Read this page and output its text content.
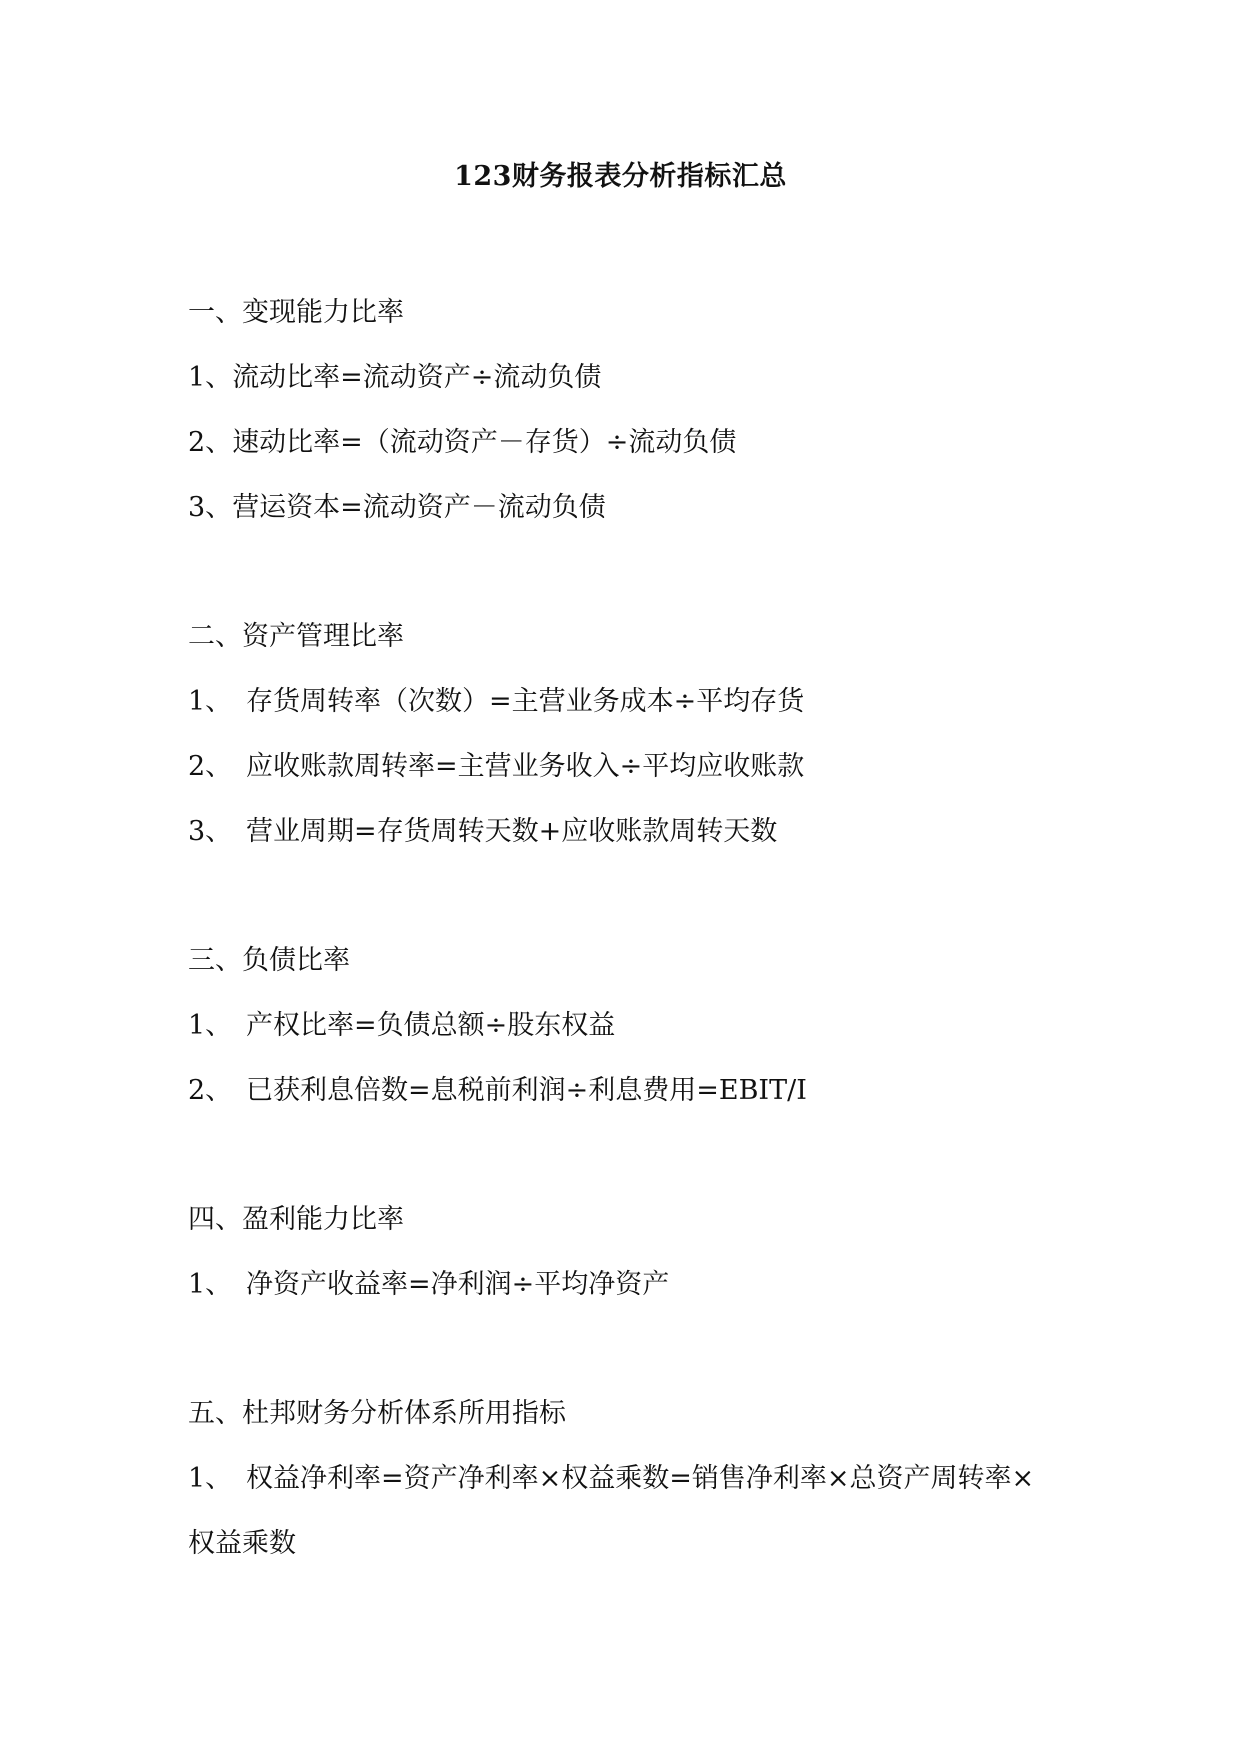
123财务报表分析指标汇总
一、变现能力比率
1、流动比率=流动资产÷流动负债
2、速动比率=（流动资产－存货）÷流动负债
3、营运资本=流动资产－流动负债
二、资产管理比率
1、 存货周转率（次数）=主营业务成本÷平均存货
2、 应收账款周转率=主营业务收入÷平均应收账款
3、 营业周期=存货周转天数+应收账款周转天数
三、负债比率
1、 产权比率=负债总额÷股东权益
2、 已获利息倍数=息税前利润÷利息费用=EBIT/I
四、盈利能力比率
1、 净资产收益率=净利润÷平均净资产
五、杜邦财务分析体系所用指标
1、 权益净利率=资产净利率×权益乘数=销售净利率×总资产周转率×
权益乘数
